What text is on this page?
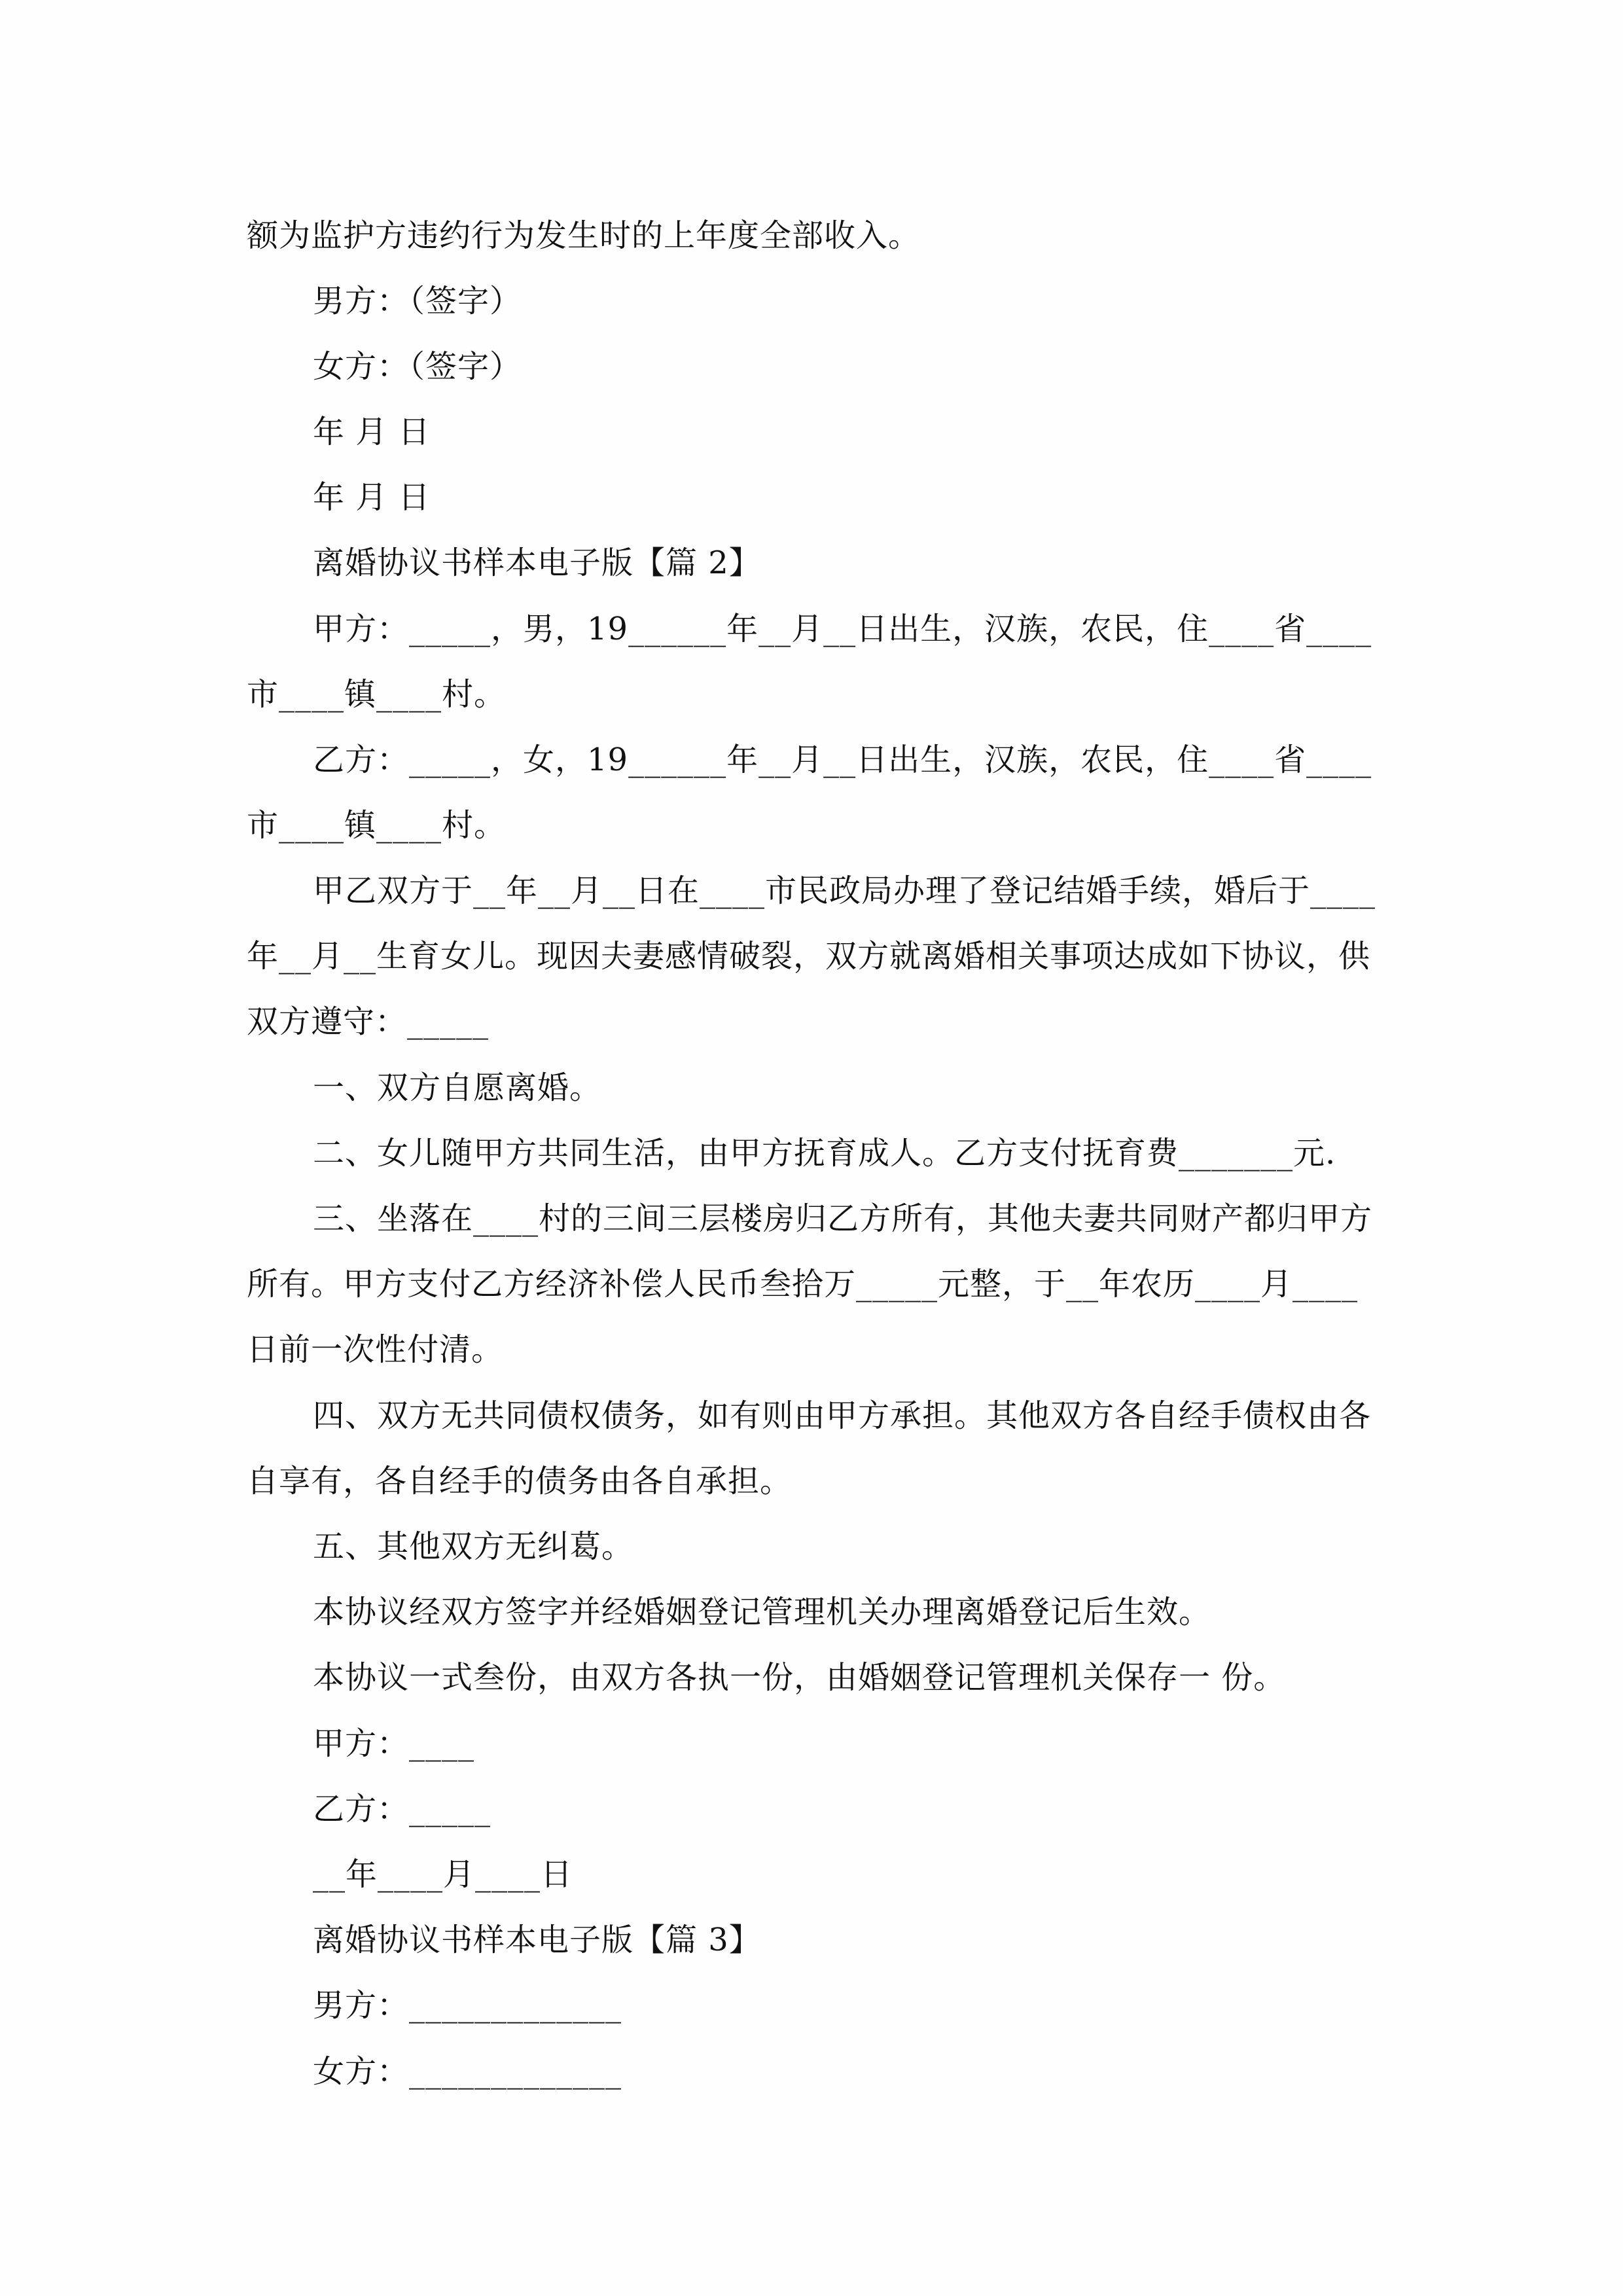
额为监护方违约行为发生时的上年度全部收入。
男方：（签字）
女方：（签字）
年 月 日
年 月 日
离婚协议书样本电子版【篇 2】
甲方：_____，男，19______年__月__日出生，汉族，农民，住____省____
市____镇____村。
乙方：_____，女，19______年__月__日出生，汉族，农民，住____省____
市____镇____村。
甲乙双方于__年__月__日在____市民政局办理了登记结婚手续，婚后于____
年__月__生育女儿。现因夫妻感情破裂，双方就离婚相关事项达成如下协议，供
双方遵守：_____
一、双方自愿离婚。
二、女儿随甲方共同生活，由甲方抚育成人。乙方支付抚育费_______元.
三、坐落在____村的三间三层楼房归乙方所有，其他夫妻共同财产都归甲方
所有。甲方支付乙方经济补偿人民币叁拾万_____元整，于__年农历____月____
日前一次性付清。
四、双方无共同债权债务，如有则由甲方承担。其他双方各自经手债权由各
自享有，各自经手的债务由各自承担。
五、其他双方无纠葛。
本协议经双方签字并经婚姻登记管理机关办理离婚登记后生效。
本协议一式叁份，由双方各执一份，由婚姻登记管理机关保存一 份。
甲方：____
乙方：_____
__年____月____日
离婚协议书样本电子版【篇 3】
男方：_____________
女方：_____________
